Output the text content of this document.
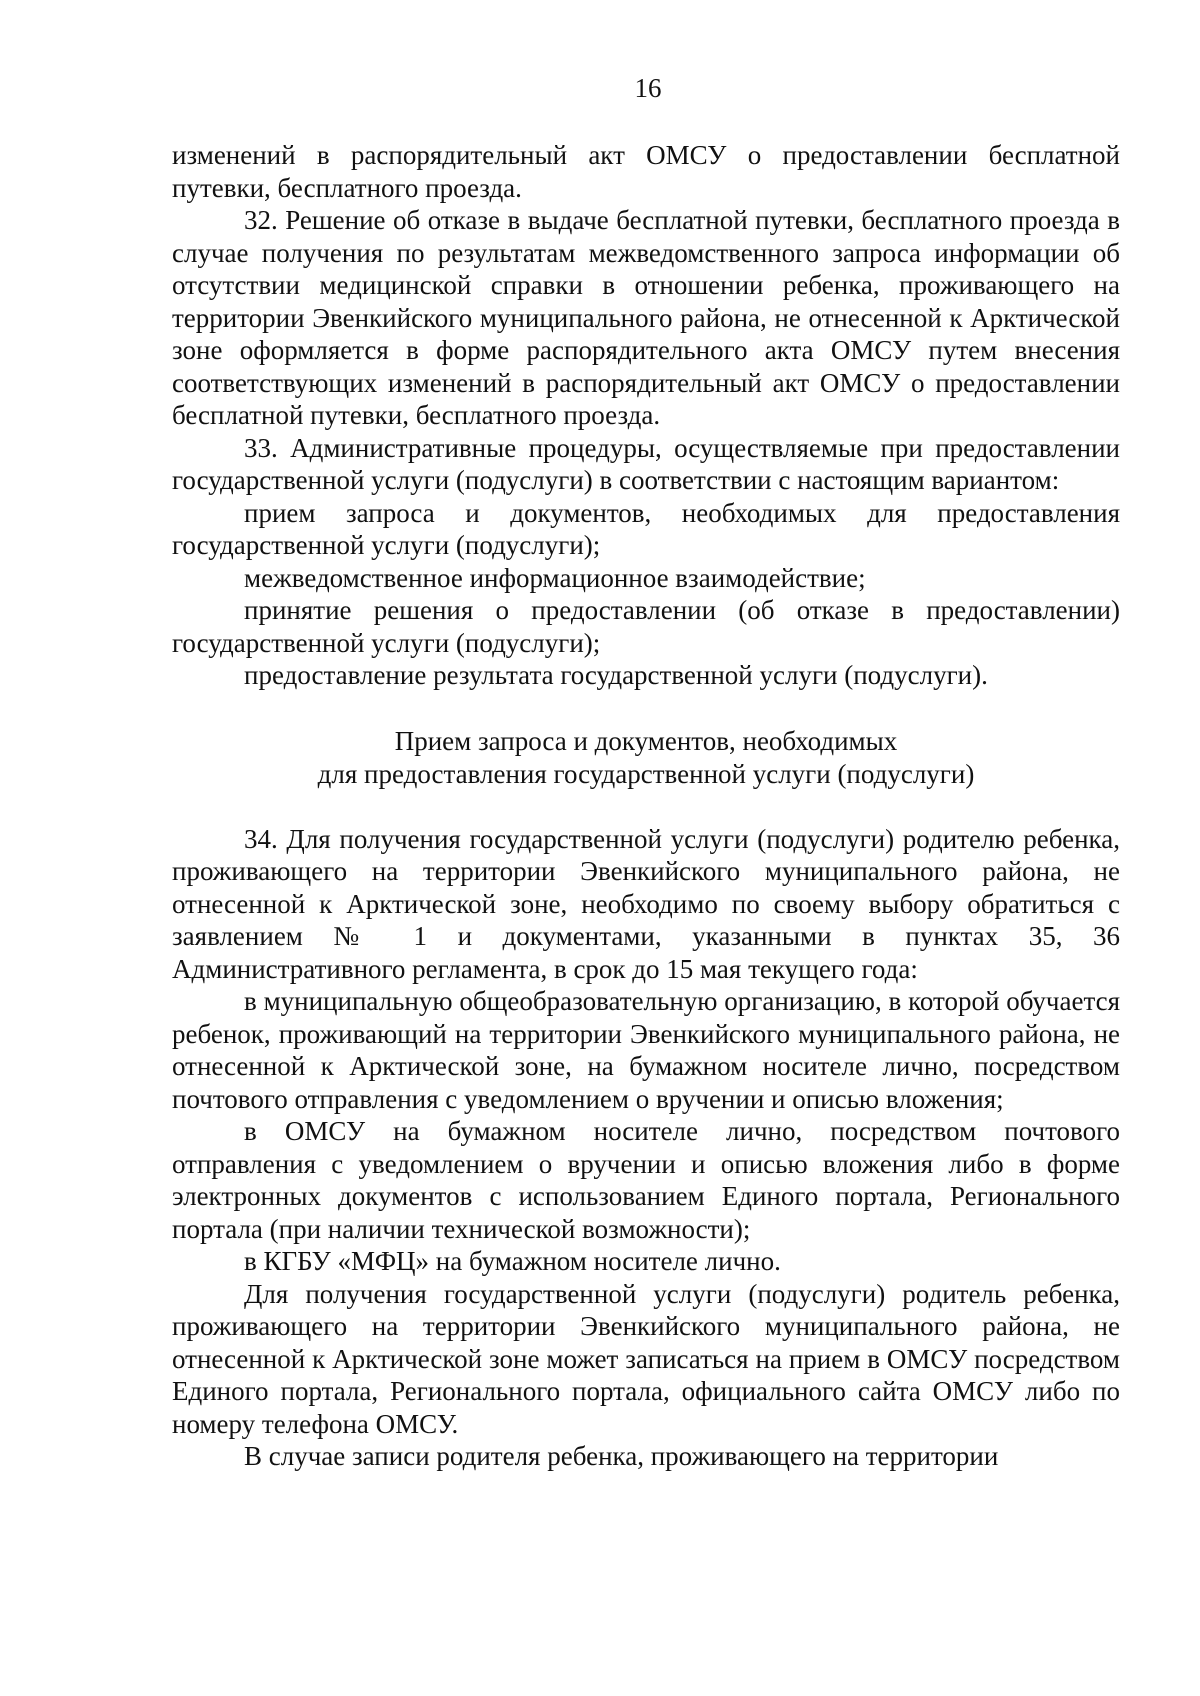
16

изменений в распорядительный акт ОМСУ о предоставлении бесплатной путевки, бесплатного проезда.

32. Решение об отказе в выдаче бесплатной путевки, бесплатного проезда в случае получения по результатам межведомственного запроса информации об отсутствии медицинской справки в отношении ребенка, проживающего на территории Эвенкийского муниципального района, не отнесенной к Арктической зоне оформляется в форме распорядительного акта ОМСУ путем внесения соответствующих изменений в распорядительный акт ОМСУ о предоставлении бесплатной путевки, бесплатного проезда.

33. Административные процедуры, осуществляемые при предоставлении государственной услуги (подуслуги) в соответствии с настоящим вариантом:

прием запроса и документов, необходимых для предоставления государственной услуги (подуслуги);

межведомственное информационное взаимодействие;

принятие решения о предоставлении (об отказе в предоставлении) государственной услуги (подуслуги);

предоставление результата государственной услуги (подуслуги).

Прием запроса и документов, необходимых
для предоставления государственной услуги (подуслуги)

34. Для получения государственной услуги (подуслуги) родителю ребенка, проживающего на территории Эвенкийского муниципального района, не отнесенной к Арктической зоне, необходимо по своему выбору обратиться с заявлением № 1 и документами, указанными в пунктах 35, 36 Административного регламента, в срок до 15 мая текущего года:

в муниципальную общеобразовательную организацию, в которой обучается ребенок, проживающий на территории Эвенкийского муниципального района, не отнесенной к Арктической зоне, на бумажном носителе лично, посредством почтового отправления с уведомлением о вручении и описью вложения;

в ОМСУ на бумажном носителе лично, посредством почтового отправления с уведомлением о вручении и описью вложения либо в форме электронных документов с использованием Единого портала, Регионального портала (при наличии технической возможности);

в КГБУ «МФЦ» на бумажном носителе лично.

Для получения государственной услуги (подуслуги) родитель ребенка, проживающего на территории Эвенкийского муниципального района, не отнесенной к Арктической зоне может записаться на прием в ОМСУ посредством Единого портала, Регионального портала, официального сайта ОМСУ либо по номеру телефона ОМСУ.

В случае записи родителя ребенка, проживающего на территории
